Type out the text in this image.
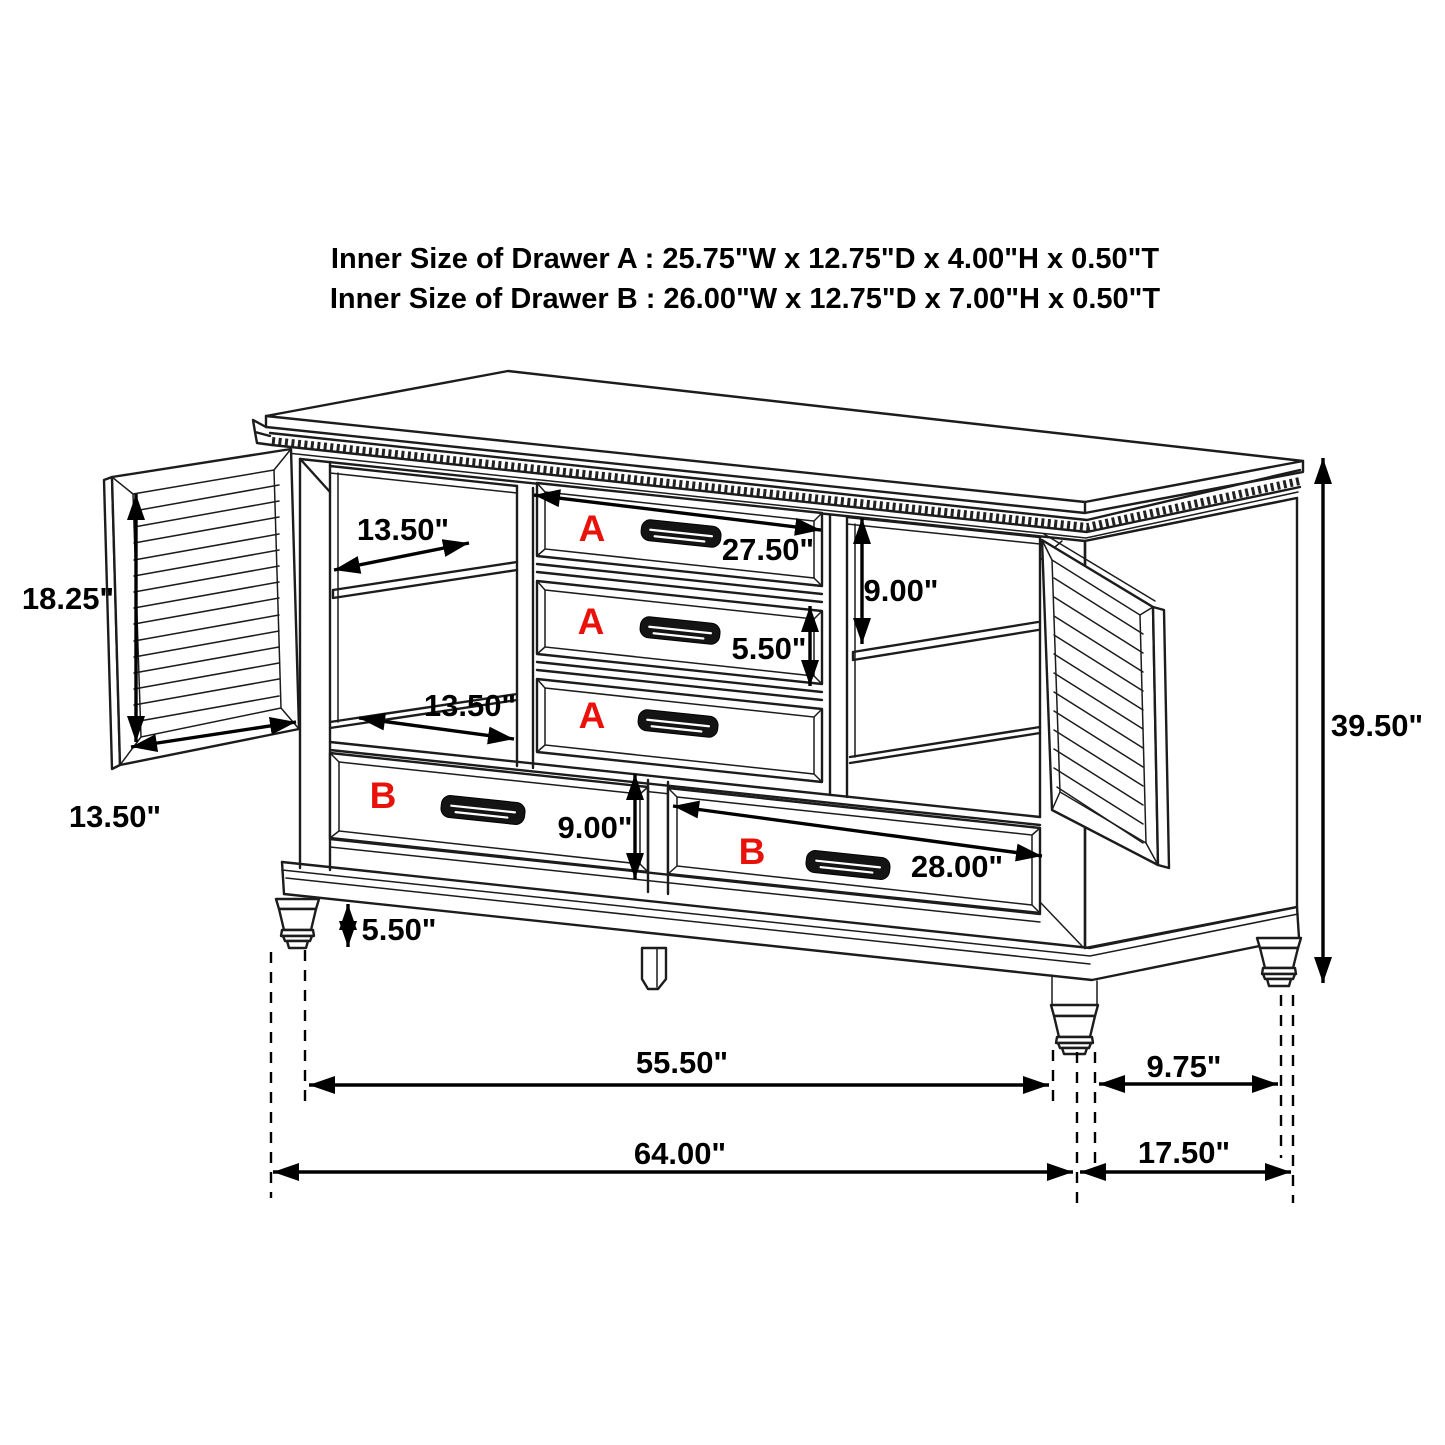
18.25"
13.50"
13.50"
13.50"
27.50"
5.50"
9.00"
9.00"
28.00"
5.50"
39.50"
55.50"	9.75"
64.00"	17.50"
A
A
A
B
B
Inner Size of Drawer A : 25.75"W x 12.75"D x 4.00"H x 0.50"T
Inner Size of Drawer B : 26.00"W x 12.75"D x 7.00"H x 0.50"T
